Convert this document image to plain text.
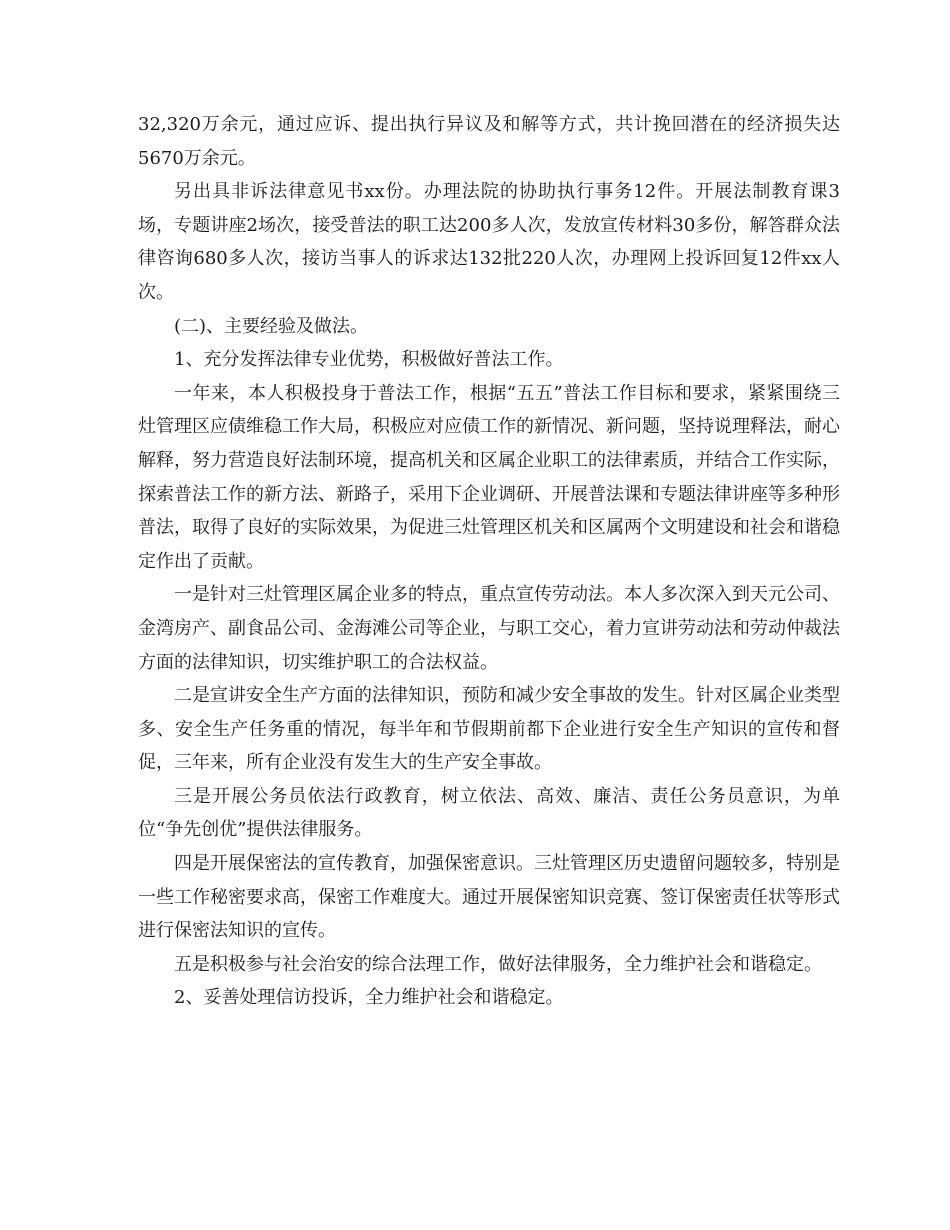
32,320万余元，通过应诉、提出执行异议及和解等方式，共计挽回潜在的经济损失达5670万余元。

另出具非诉法律意见书xx份。办理法院的协助执行事务12件。开展法制教育课3场，专题讲座2场次，接受普法的职工达200多人次，发放宣传材料30多份，解答群众法律咨询680多人次，接访当事人的诉求达132批220人次，办理网上投诉回复12件xx人次。

(二)、主要经验及做法。

1、充分发挥法律专业优势，积极做好普法工作。

一年来，本人积极投身于普法工作，根据“五五”普法工作目标和要求，紧紧围绕三灶管理区应债维稳工作大局，积极应对应债工作的新情况、新问题，坚持说理释法，耐心解释，努力营造良好法制环境，提高机关和区属企业职工的法律素质，并结合工作实际，探索普法工作的新方法、新路子，采用下企业调研、开展普法课和专题法律讲座等多种形普法，取得了良好的实际效果，为促进三灶管理区机关和区属两个文明建设和社会和谐稳定作出了贡献。

一是针对三灶管理区属企业多的特点，重点宣传劳动法。本人多次深入到天元公司、金湾房产、副食品公司、金海滩公司等企业，与职工交心，着力宣讲劳动法和劳动仲裁法方面的法律知识，切实维护职工的合法权益。

二是宣讲安全生产方面的法律知识，预防和减少安全事故的发生。针对区属企业类型多、安全生产任务重的情况，每半年和节假期前都下企业进行安全生产知识的宣传和督促，三年来，所有企业没有发生大的生产安全事故。

三是开展公务员依法行政教育，树立依法、高效、廉洁、责任公务员意识，为单位“争先创优”提供法律服务。

四是开展保密法的宣传教育，加强保密意识。三灶管理区历史遗留问题较多，特别是一些工作秘密要求高，保密工作难度大。通过开展保密知识竞赛、签订保密责任状等形式进行保密法知识的宣传。

五是积极参与社会治安的综合法理工作，做好法律服务，全力维护社会和谐稳定。

2、妥善处理信访投诉，全力维护社会和谐稳定。
